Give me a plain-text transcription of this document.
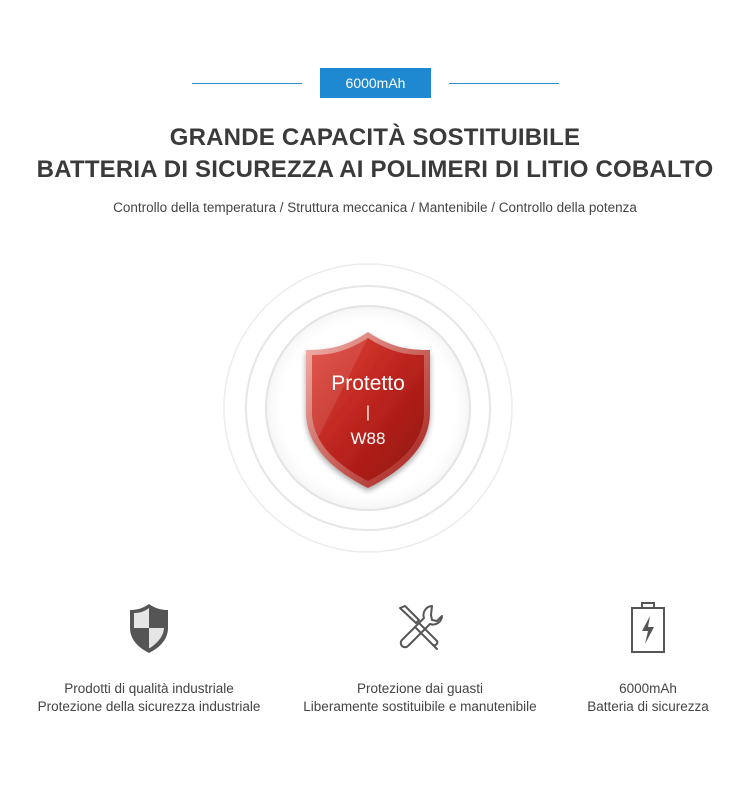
6000mAh
GRANDE CAPACITÀ SOSTITUIBILE
BATTERIA DI SICUREZZA AI POLIMERI DI LITIO COBALTO
Controllo della temperatura / Struttura meccanica / Mantenibile / Controllo della potenza
Protetto
|
W88
Prodotti di qualità industriale
Protezione della sicurezza industriale
Protezione dai guasti
Liberamente sostituibile e manutenibile
6000mAh
Batteria di sicurezza
